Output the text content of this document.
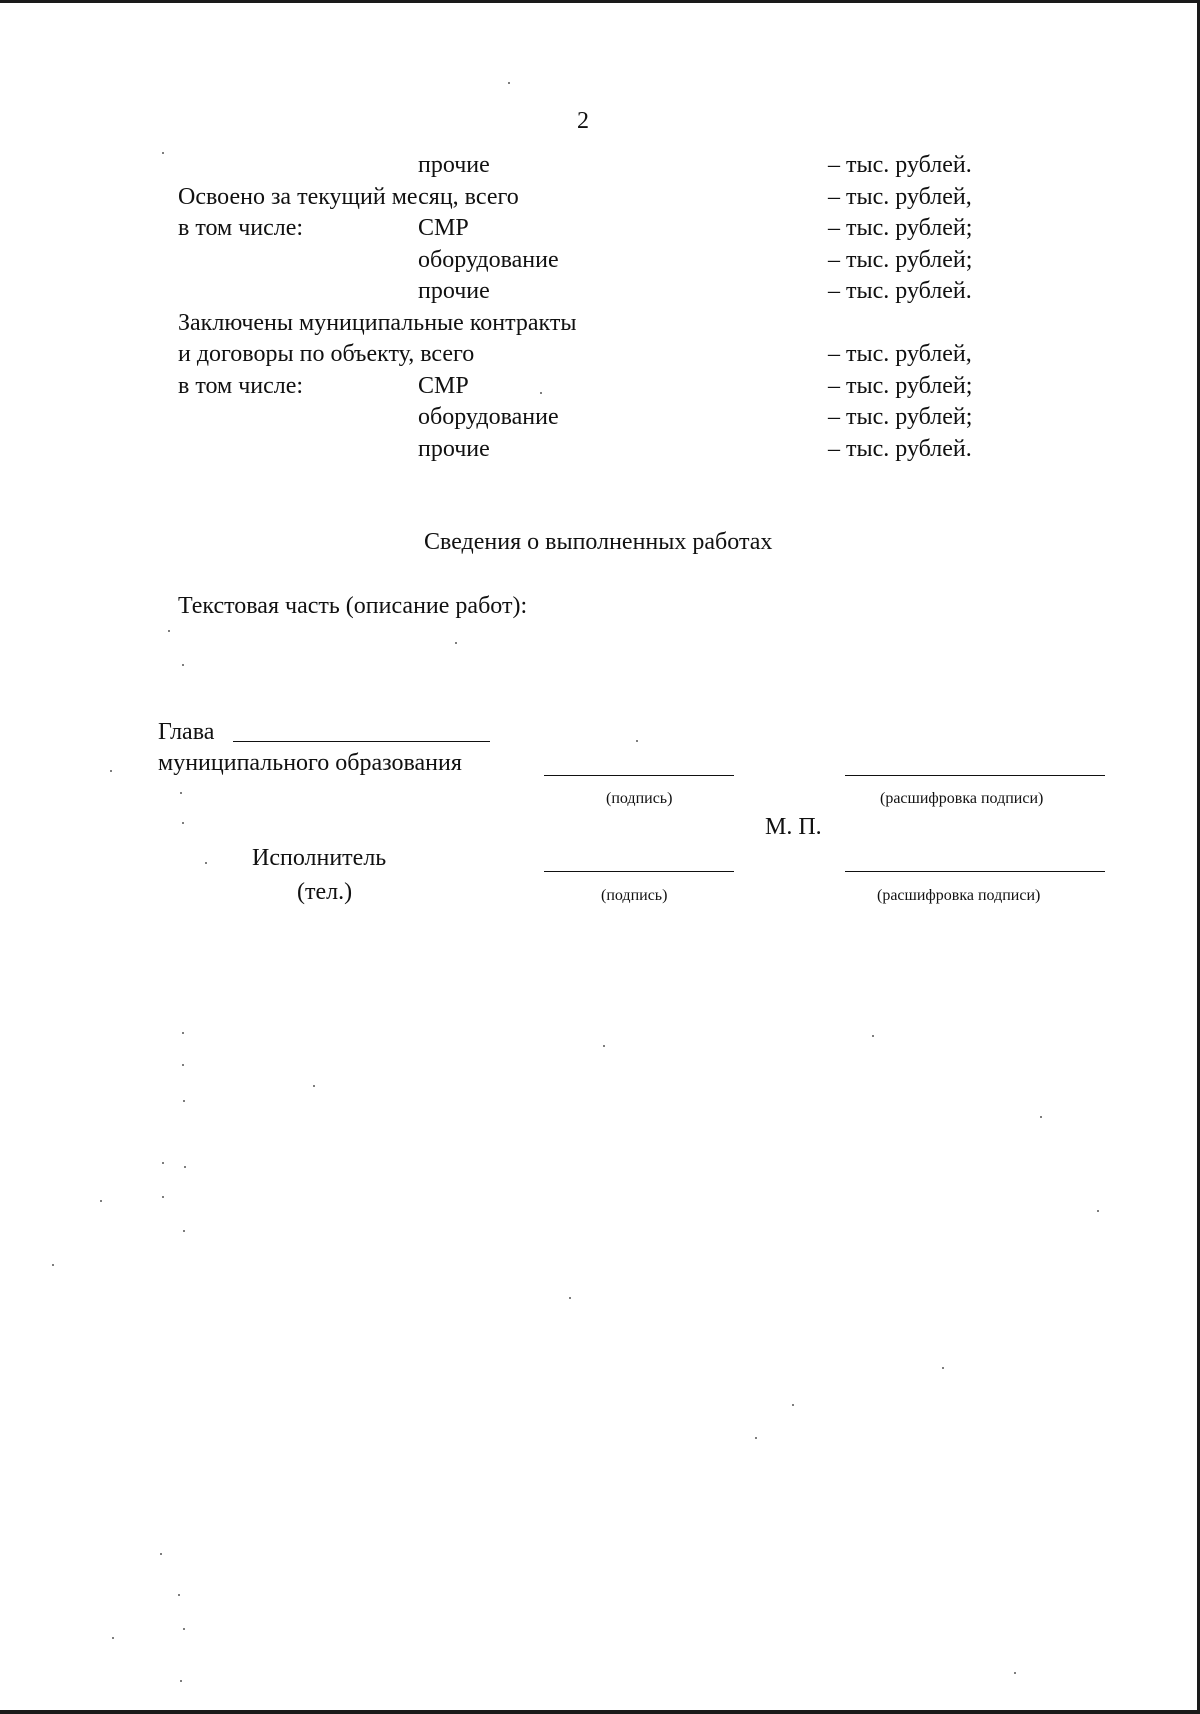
2
прочие	– тыс. рублей.
Освоено за текущий месяц, всего	– тыс. рублей,
в том числе:	СМР	– тыс. рублей;
оборудование	– тыс. рублей;
прочие	– тыс. рублей.
Заключены муниципальные контракты
и договоры по объекту, всего	– тыс. рублей,
в том числе:	СМР	– тыс. рублей;
оборудование	– тыс. рублей;
прочие	– тыс. рублей.
Сведения о выполненных работах
Текстовая часть (описание работ):
Глава
муниципального образования
(подпись)	(расшифровка подписи)
М. П.
Исполнитель
(тел.)	(подпись)	(расшифровка подписи)
